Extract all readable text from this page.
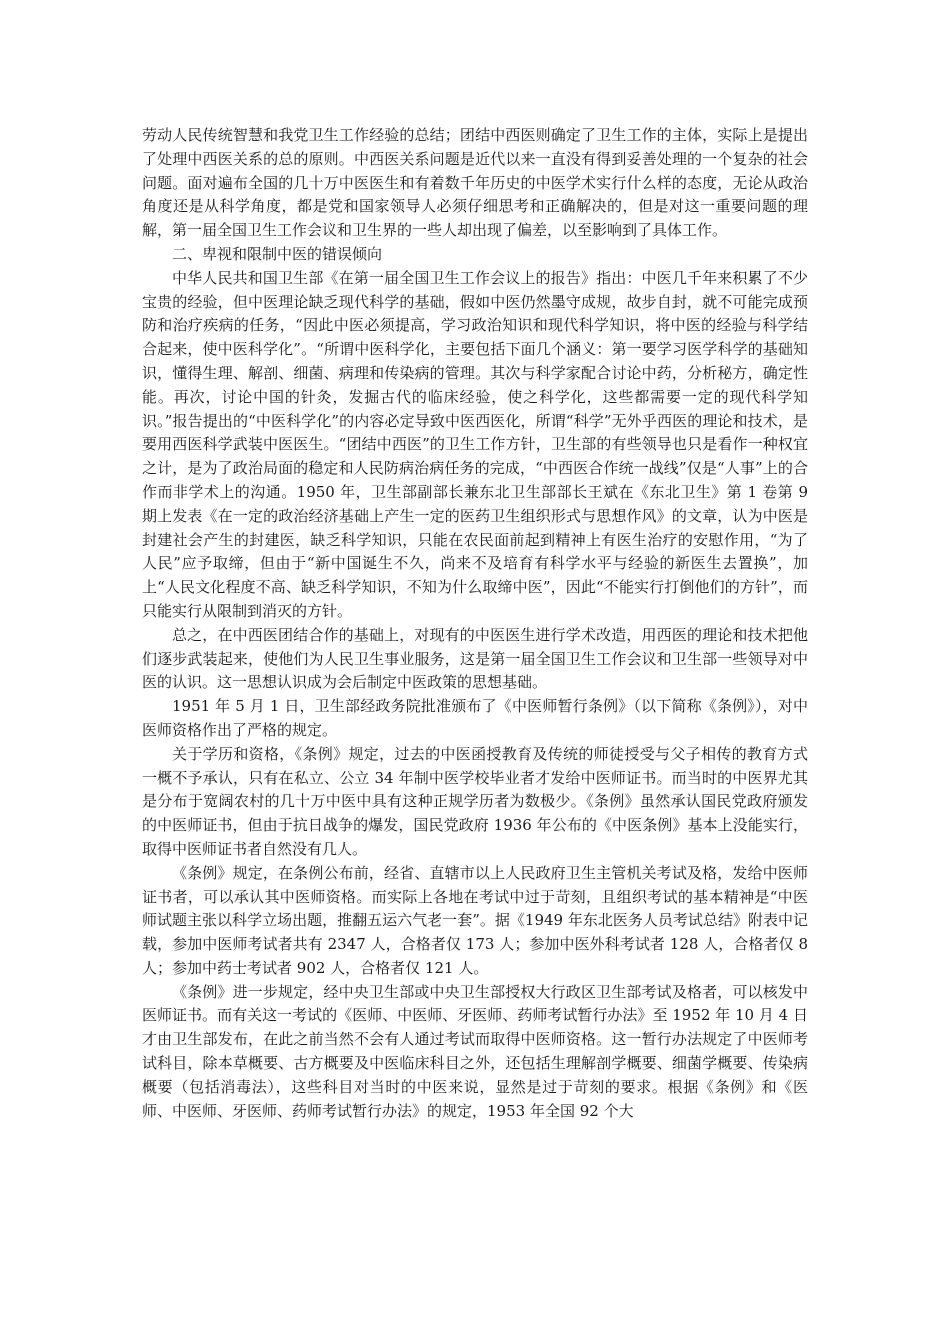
劳动人民传统智慧和我党卫生工作经验的总结；团结中西医则确定了卫生工作的主体，实际上是提出了处理中西医关系的总的原则。中西医关系问题是近代以来一直没有得到妥善处理的一个复杂的社会问题。面对遍布全国的几十万中医医生和有着数千年历史的中医学术实行什么样的态度，无论从政治角度还是从科学角度，都是党和国家领导人必须仔细思考和正确解决的，但是对这一重要问题的理解，第一届全国卫生工作会议和卫生界的一些人却出现了偏差，以至影响到了具体工作。

二、卑视和限制中医的错误倾向

中华人民共和国卫生部《在第一届全国卫生工作会议上的报告》指出：中医几千年来积累了不少宝贵的经验，但中医理论缺乏现代科学的基础，假如中医仍然墨守成规，故步自封，就不可能完成预防和治疗疾病的任务，“因此中医必须提高，学习政治知识和现代科学知识，将中医的经验与科学结合起来，使中医科学化”。“所谓中医科学化，主要包括下面几个涵义：第一要学习医学科学的基础知识，懂得生理、解剖、细菌、病理和传染病的管理。其次与科学家配合讨论中药，分析秘方，确定性能。再次，讨论中国的针灸，发掘古代的临床经验，使之科学化，这些都需要一定的现代科学知识。”报告提出的“中医科学化”的内容必定导致中医西医化，所谓“科学”无外乎西医的理论和技术，是要用西医科学武装中医医生。“团结中西医”的卫生工作方针，卫生部的有些领导也只是看作一种权宜之计，是为了政治局面的稳定和人民防病治病任务的完成，“中西医合作统一战线”仅是“人事”上的合作而非学术上的沟通。1950 年，卫生部副部长兼东北卫生部部长王斌在《东北卫生》第 1 卷第 9 期上发表《在一定的政治经济基础上产生一定的医药卫生组织形式与思想作风》的文章，认为中医是封建社会产生的封建医，缺乏科学知识，只能在农民面前起到精神上有医生治疗的安慰作用，“为了人民”应予取缔，但由于“新中国诞生不久，尚来不及培育有科学水平与经验的新医生去置换”，加上“人民文化程度不高、缺乏科学知识，不知为什么取缔中医”，因此“不能实行打倒他们的方针”，而只能实行从限制到消灭的方针。

总之，在中西医团结合作的基础上，对现有的中医医生进行学术改造，用西医的理论和技术把他们逐步武装起来，使他们为人民卫生事业服务，这是第一届全国卫生工作会议和卫生部一些领导对中医的认识。这一思想认识成为会后制定中医政策的思想基础。

1951 年 5 月 1 日，卫生部经政务院批准颁布了《中医师暂行条例》（以下简称《条例》），对中医师资格作出了严格的规定。

关于学历和资格，《条例》规定，过去的中医函授教育及传统的师徒授受与父子相传的教育方式一概不予承认，只有在私立、公立 34 年制中医学校毕业者才发给中医师证书。而当时的中医界尤其是分布于宽阔农村的几十万中医中具有这种正规学历者为数极少。《条例》虽然承认国民党政府颁发的中医师证书，但由于抗日战争的爆发，国民党政府 1936 年公布的《中医条例》基本上没能实行，取得中医师证书者自然没有几人。

《条例》规定，在条例公布前，经省、直辖市以上人民政府卫生主管机关考试及格，发给中医师证书者，可以承认其中医师资格。而实际上各地在考试中过于苛刻，且组织考试的基本精神是“中医师试题主张以科学立场出题，推翻五运六气老一套”。据《1949 年东北医务人员考试总结》附表中记载，参加中医师考试者共有 2347 人，合格者仅 173 人；参加中医外科考试者 128 人，合格者仅 8 人；参加中药士考试者 902 人，合格者仅 121 人。

《条例》进一步规定，经中央卫生部或中央卫生部授权大行政区卫生部考试及格者，可以核发中医师证书。而有关这一考试的《医师、中医师、牙医师、药师考试暂行办法》至 1952 年 10 月 4 日才由卫生部发布，在此之前当然不会有人通过考试而取得中医师资格。这一暂行办法规定了中医师考试科目，除本草概要、古方概要及中医临床科目之外，还包括生理解剖学概要、细菌学概要、传染病概要（包括消毒法），这些科目对当时的中医来说，显然是过于苛刻的要求。根据《条例》和《医师、中医师、牙医师、药师考试暂行办法》的规定，1953 年全国 92 个大
